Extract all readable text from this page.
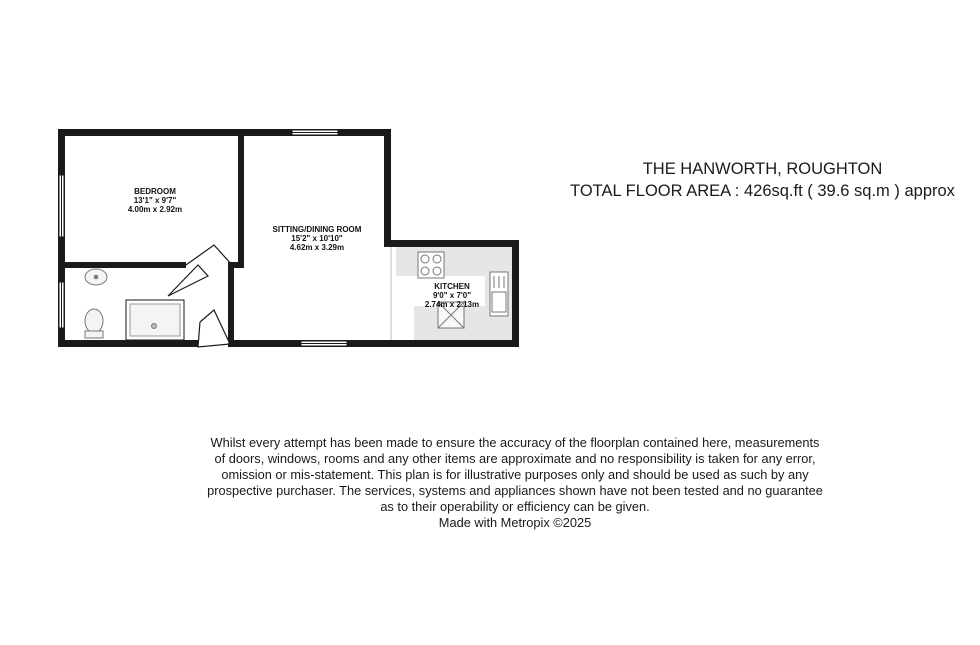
BEDROOM
13'1" x 9'7"
4.00m x 2.92m
SITTING/DINING ROOM
15'2" x 10'10"
4.62m x 3.29m
KITCHEN
9'0" x 7'0"
2.74m x 2.13m
THE HANWORTH, ROUGHTON
TOTAL FLOOR AREA : 426sq.ft ( 39.6 sq.m ) approx
Whilst every attempt has been made to ensure the accuracy of the floorplan contained here, measurements
of doors, windows, rooms and any other items are approximate and no responsibility is taken for any error,
omission or mis-statement. This plan is for illustrative purposes only and should be used as such by any
prospective purchaser. The services, systems and appliances shown have not been tested and no guarantee
as to their operability or efficiency can be given.
Made with Metropix ©2025
